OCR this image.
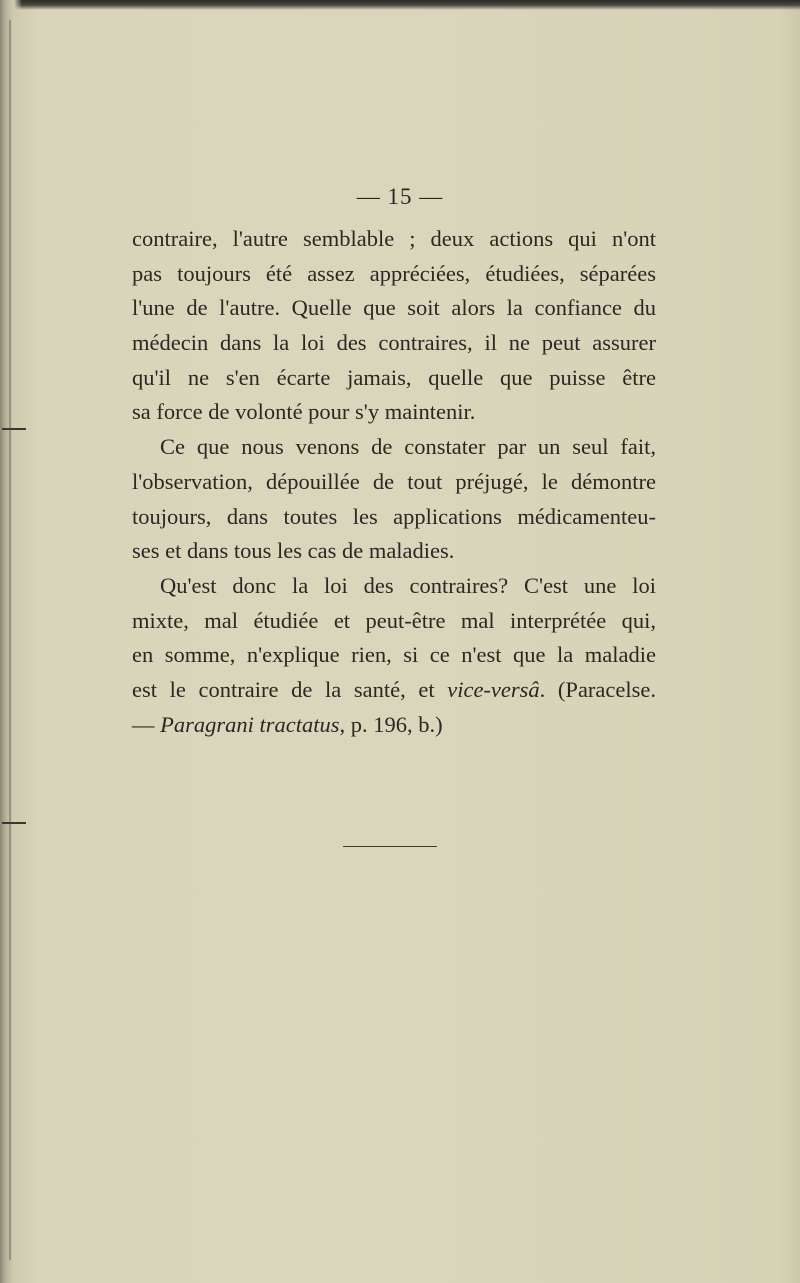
— 15 —
contraire, l'autre semblable ; deux actions qui n'ont
pas toujours été assez appréciées, étudiées, séparées
l'une de l'autre. Quelle que soit alors la confiance du
médecin dans la loi des contraires, il ne peut assurer
qu'il ne s'en écarte jamais, quelle que puisse être
sa force de volonté pour s'y maintenir.
Ce que nous venons de constater par un seul fait,
l'observation, dépouillée de tout préjugé, le démontre
toujours, dans toutes les applications médicamenteu-
ses et dans tous les cas de maladies.
Qu'est donc la loi des contraires? C'est une loi
mixte, mal étudiée et peut-être mal interprétée qui,
en somme, n'explique rien, si ce n'est que la maladie
est le contraire de la santé, et vice-versâ. (Paracelse.
— Paragrani tractatus, p. 196, b.)
